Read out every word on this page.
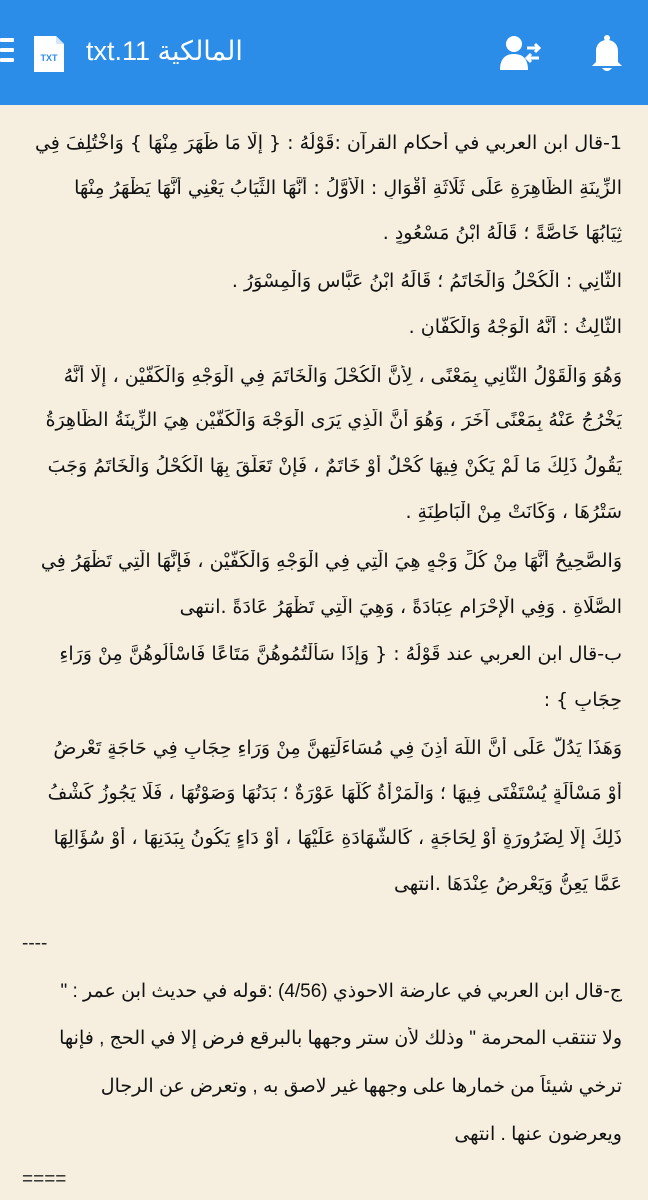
TXT المالكية txt.11
1-قال ابن العربي في أحكام القرآن :قَوْلُهُ : { إلَّا مَا ظَهَرَ مِنْهَا } وَاخْتُلِفَ فِي
الزِّينَةِ الظَّاهِرَةِ عَلَى ثَلَاثَةِ أَقْوَالٍ : الْأَوَّلُ : أَنَّهَا الثِّيَابُ يَعْنِي أَنَّهَا يَظْهَرُ مِنْهَا
ثِيَابُهَا خَاصَّةً ؛ قَالَهُ ابْنُ مَسْعُودٍ .
الثَّانِي : الْكُحْلُ وَالْخَاتَمُ ؛ قَالَهُ ابْنُ عَبَّاسٍ وَالْمِسْوَرُ .
الثَّالِثُ : أَنَّهُ الْوَجْهُ وَالْكَفَّانِ .
وَهُوَ وَالْقَوْلُ الثَّانِي بِمَعْنًى ، لِأَنَّ الْكُحْلَ وَالْخَاتَمَ فِي الْوَجْهِ وَالْكَفَّيْنِ ، إلَّا أَنَّهُ
يَخْرُجُ عَنْهُ بِمَعْنًى آخَرَ ، وَهُوَ أَنَّ الَّذِي يَرَى الْوَجْهَ وَالْكَفَّيْنِ هِيَ الزِّينَةُ الظَّاهِرَةُ
يَقُولُ ذَلِكَ مَا لَمْ يَكُنْ فِيهَا كُحْلٌ أَوْ خَاتَمٌ ، فَإِنْ تَعَلَّقَ بِهَا الْكُحْلُ وَالْخَاتَمُ وَجَبَ
سَتْرُهَا ، وَكَانَتْ مِنْ الْبَاطِنَةِ .
وَالصَّحِيحُ أَنَّهَا مِنْ كُلِّ وَجْهٍ هِيَ الَّتِي فِي الْوَجْهِ وَالْكَفَّيْنِ ، فَإِنَّهَا الَّتِي تَظْهَرُ فِي
الصَّلَاةِ . وَفِي الْإِحْرَامِ عِبَادَةً ، وَهِيَ الَّتِي تَظْهَرُ عَادَةً .انتهى
ب-قال ابن العربي عند قَوْلُهُ : { وَإِذَا سَأَلْتُمُوهُنَّ مَتَاعًا فَاسْأَلُوهُنَّ مِنْ وَرَاءِ
حِجَابٍ } :
وَهَذَا يَدُلُّ عَلَى أَنَّ اللَّهَ أَذِنَ فِي مُسَاءَلَتِهِنَّ مِنْ وَرَاءِ حِجَابٍ فِي حَاجَةٍ تَعْرِضُ
أَوْ مَسْأَلَةٍ يُسْتَفْتَى فِيهَا ؛ وَالْمَرْأَةُ كُلُّهَا عَوْرَةٌ ؛ بَدَنُهَا وَصَوْتُهَا ، فَلَا يَجُوزُ كَشْفُ
ذَلِكَ إلَّا لِضَرُورَةٍ أَوْ لِحَاجَةٍ ، كَالشَّهَادَةِ عَلَيْهَا ، أَوْ دَاءٍ يَكُونُ بِبَدَنِهَا ، أَوْ سُؤَالِهَا
عَمَّا يَعِنُّ وَيَعْرِضُ عِنْدَهَا .انتهى
----
ج-قال ابن العربي في عارضة الاحوذي (4/56) :قوله في حديث ابن عمر : "
ولا تنتقب المحرمة " وذلك لأن ستر وجهها بالبرقع فرض إلا في الحج , فإنها
ترخي شيئاً من خمارها على وجهها غير لاصق به , وتعرض عن الرجال
ويعرضون عنها . انتهى
====
